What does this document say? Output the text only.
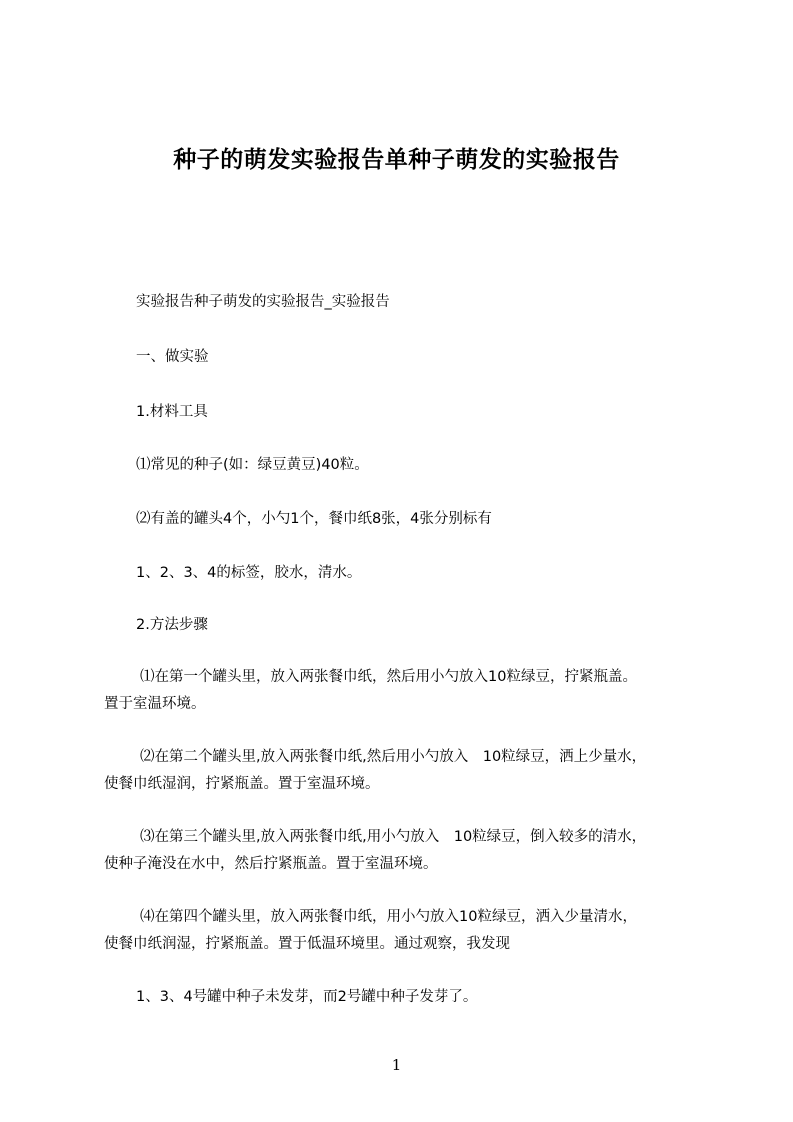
种子的萌发实验报告单种子萌发的实验报告
实验报告种子萌发的实验报告_实验报告
一、做实验
1.材料工具
⑴常见的种子(如：绿豆黄豆)40粒。
⑵有盖的罐头4个，小勺1个，餐巾纸8张，4张分别标有
1、2、3、4的标签，胶水，清水。
2.方法步骤
⑴在第一个罐头里，放入两张餐巾纸，然后用小勺放入10粒绿豆，拧紧瓶盖。
置于室温环境。
⑵在第二个罐头里,放入两张餐巾纸,然后用小勺放入　10粒绿豆，洒上少量水，
使餐巾纸湿润，拧紧瓶盖。置于室温环境。
⑶在第三个罐头里,放入两张餐巾纸,用小勺放入　10粒绿豆，倒入较多的清水，
使种子淹没在水中，然后拧紧瓶盖。置于室温环境。
⑷在第四个罐头里，放入两张餐巾纸，用小勺放入10粒绿豆，洒入少量清水，
使餐巾纸润湿，拧紧瓶盖。置于低温环境里。通过观察，我发现
1、3、4号罐中种子未发芽，而2号罐中种子发芽了。
1
